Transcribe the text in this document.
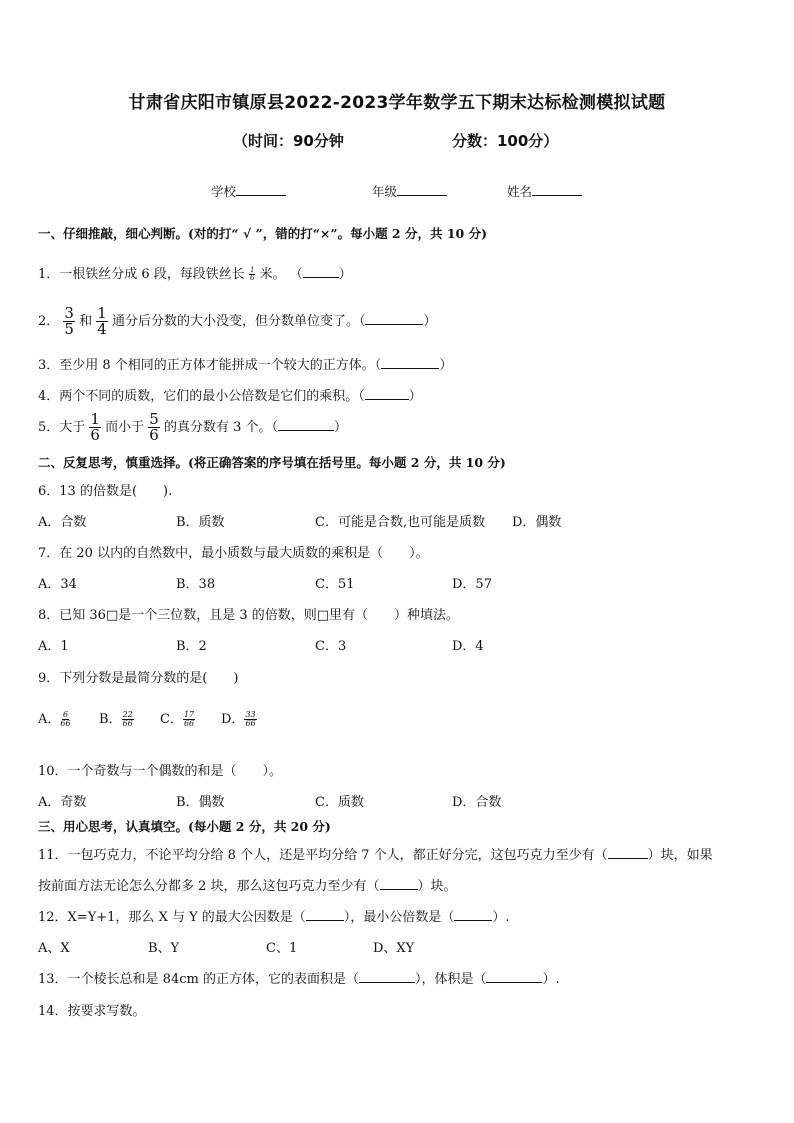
甘肃省庆阳市镇原县2022-2023学年数学五下期末达标检测模拟试题
（时间：90分钟	分数：100分）
学校	年级	姓名
一、仔细推敲，细心判断。(对的打“ √ ”，错的打“×”。每小题 2 分，共 10 分)
1．一根铁丝分成 6 段，每段铁丝长 $\frac{1}{6}$ 米。 （	）
2． $\frac{3}{5}$ 和 $\frac{1}{4}$ 通分后分数的大小没变，但分数单位变了。（	）
3．至少用 8 个相同的正方体才能拼成一个较大的正方体。（	）
4．两个不同的质数，它们的最小公倍数是它们的乘积。（	）
5．大于 $\frac{1}{6}$ 而小于 $\frac{5}{6}$ 的真分数有 3 个。（	）
二、反复思考，慎重选择。(将正确答案的序号填在括号里。每小题 2 分，共 10 分)
6．13 的倍数是(　　).
A．合数	B．质数	C．可能是合数,也可能是质数 D．偶数
7．在 20 以内的自然数中，最小质数与最大质数的乘积是（　　）。
A．34	B．38	C．51	D．57
8．已知 36□是一个三位数，且是 3 的倍数，则□里有（　　）种填法。
A．1	B．2	C．3	D．4
9．下列分数是最简分数的是(　　)
A． $\frac{6}{66}$ B． $\frac{22}{66}$ C． $\frac{17}{66}$ D． $\frac{33}{66}$
10．一个奇数与一个偶数的和是（　　）。
A．奇数	B．偶数	C．质数	D．合数
三、用心思考，认真填空。(每小题 2 分，共 20 分)
11．一包巧克力，不论平均分给 8 个人，还是平均分给 7 个人，都正好分完，这包巧克力至少有（	）块，如果
按前面方法无论怎么分都多 2 块，那么这包巧克力至少有（	）块。
12．X=Y+1，那么 X 与 Y 的最大公因数是（	），最小公倍数是（	）.
A、X	B、Y	C、1	D、XY
13．一个棱长总和是 84cm 的正方体，它的表面积是（	），体积是（	）.
14．按要求写数。
